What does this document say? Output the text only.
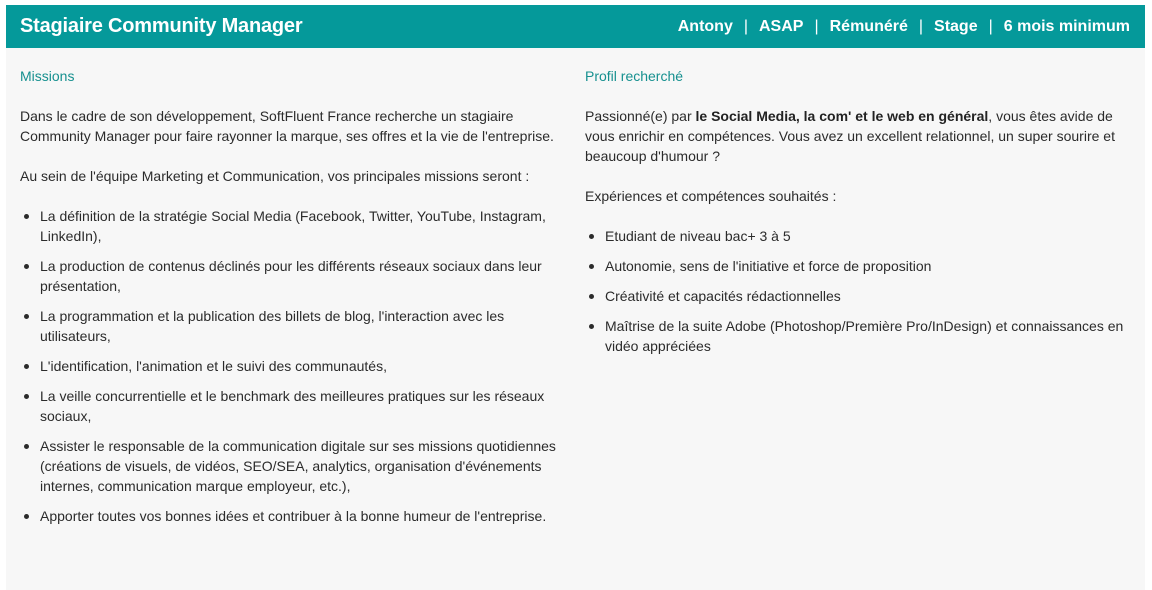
Stagiaire Community Manager	Antony | ASAP | Rémunéré | Stage | 6 mois minimum
Missions

Dans le cadre de son développement, SoftFluent France recherche un stagiaire Community Manager pour faire rayonner la marque, ses offres et la vie de l'entreprise.

Au sein de l'équipe Marketing et Communication, vos principales missions seront :

La définition de la stratégie Social Media (Facebook, Twitter, YouTube, Instagram, LinkedIn),
La production de contenus déclinés pour les différents réseaux sociaux dans leur présentation,
La programmation et la publication des billets de blog, l'interaction avec les utilisateurs,
L'identification, l'animation et le suivi des communautés,
La veille concurrentielle et le benchmark des meilleures pratiques sur les réseaux sociaux,
Assister le responsable de la communication digitale sur ses missions quotidiennes (créations de visuels, de vidéos, SEO/SEA, analytics, organisation d'événements internes, communication marque employeur, etc.),
Apporter toutes vos bonnes idées et contribuer à la bonne humeur de l'entreprise.
Profil recherché

Passionné(e) par le Social Media, la com' et le web en général, vous êtes avide de vous enrichir en compétences. Vous avez un excellent relationnel, un super sourire et beaucoup d'humour ?

Expériences et compétences souhaités :

Etudiant de niveau bac+ 3 à 5
Autonomie, sens de l'initiative et force de proposition
Créativité et capacités rédactionnelles
Maîtrise de la suite Adobe (Photoshop/Première Pro/InDesign) et connaissances en vidéo appréciées
